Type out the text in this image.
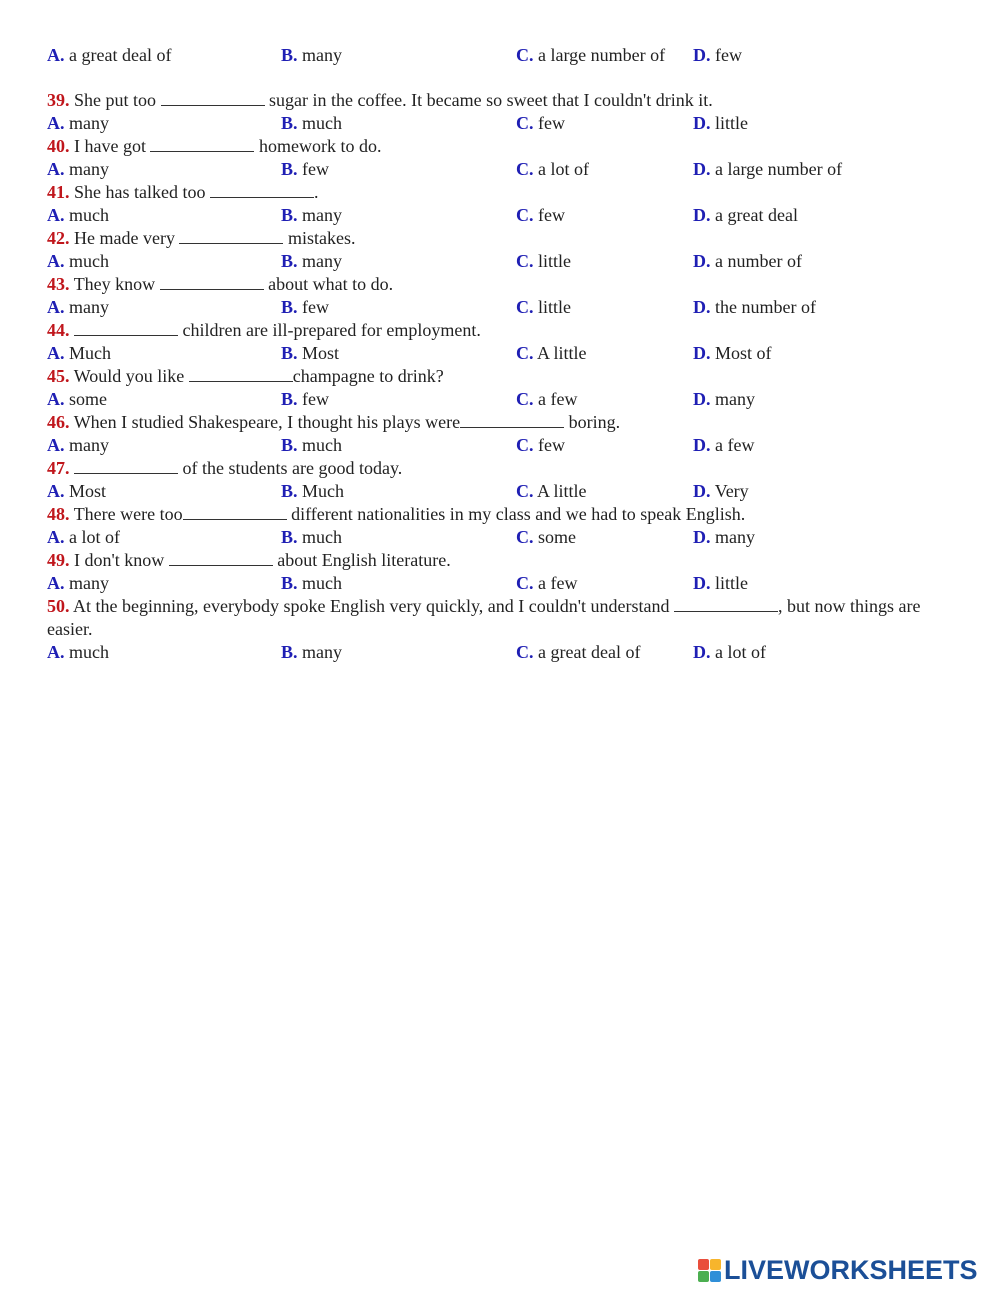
A. a great deal of	B. many	C. a large number of D. few
39. She put too	sugar in the coffee. It became so sweet that I couldn't drink it.
A. many	B. much	C. few	D. little
40. I have got	homework to do.
A. many	B. few	C. a lot of	D. a large number of
41. She has talked too	.
A. much	B. many	C. few	D. a great deal
42. He made very	mistakes.
A. much	B. many	C. little	D. a number of
43. They know	about what to do.
A. many	B. few	C. little	D. the number of
44.	children are ill-prepared for employment.
A. Much	B. Most	C. A little	D. Most of
45. Would you like	champagne to drink?
A. some	B. few	C. a few	D. many
46. When I studied Shakespeare, I thought his plays were	boring.
A. many	B. much	C. few	D. a few
47.	of the students are good today.
A. Most	B. Much	C. A little	D. Very
48. There were too	different nationalities in my class and we had to speak English.
A. a lot of	B. much	C. some	D. many
49. I don't know	about English literature.
A. many	B. much	C. a few	D. little
50. At the beginning, everybody spoke English very quickly, and I couldn't understand	, but now things are easier.
A. much	B. many	C. a great deal of	D. a lot of
LIVEWORKSHEETS
